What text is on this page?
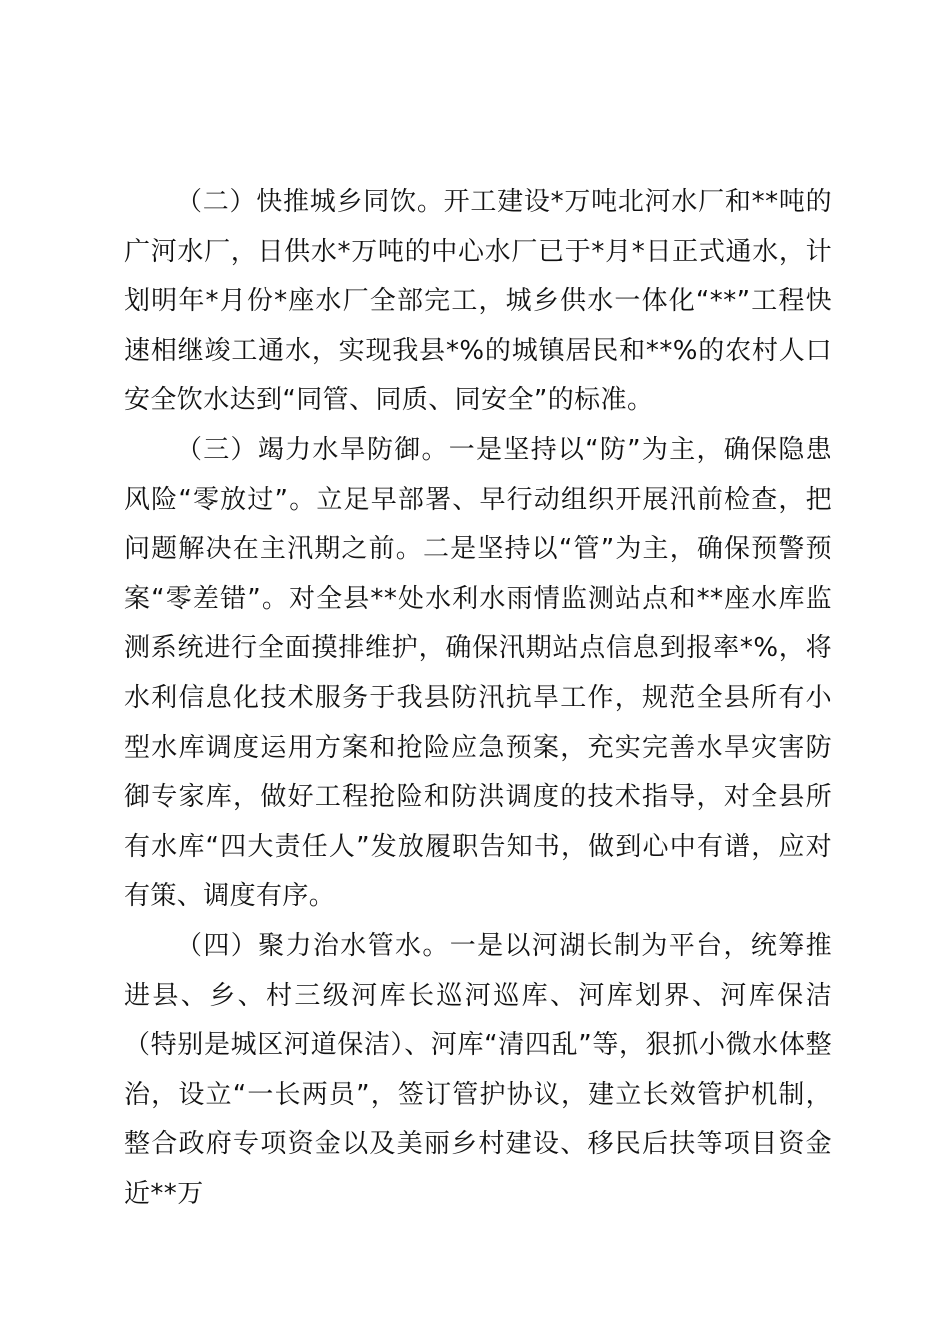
（二）快推城乡同饮。开工建设*万吨北河水厂和**吨的广河水厂，日供水*万吨的中心水厂已于*月*日正式通水，计划明年*月份*座水厂全部完工，城乡供水一体化“**”工程快速相继竣工通水，实现我县*%的城镇居民和**%的农村人口安全饮水达到“同管、同质、同安全”的标准。

（三）竭力水旱防御。一是坚持以“防”为主，确保隐患风险“零放过”。立足早部署、早行动组织开展汛前检查，把问题解决在主汛期之前。二是坚持以“管”为主，确保预警预案“零差错”。对全县**处水利水雨情监测站点和**座水库监测系统进行全面摸排维护，确保汛期站点信息到报率*%，将水利信息化技术服务于我县防汛抗旱工作，规范全县所有小型水库调度运用方案和抢险应急预案，充实完善水旱灾害防御专家库，做好工程抢险和防洪调度的技术指导，对全县所有水库“四大责任人”发放履职告知书，做到心中有谱，应对有策、调度有序。

（四）聚力治水管水。一是以河湖长制为平台，统筹推进县、乡、村三级河库长巡河巡库、河库划界、河库保洁（特别是城区河道保洁）、河库“清四乱”等，狠抓小微水体整治，设立“一长两员”，签订管护协议，建立长效管护机制，整合政府专项资金以及美丽乡村建设、移民后扶等项目资金近**万
